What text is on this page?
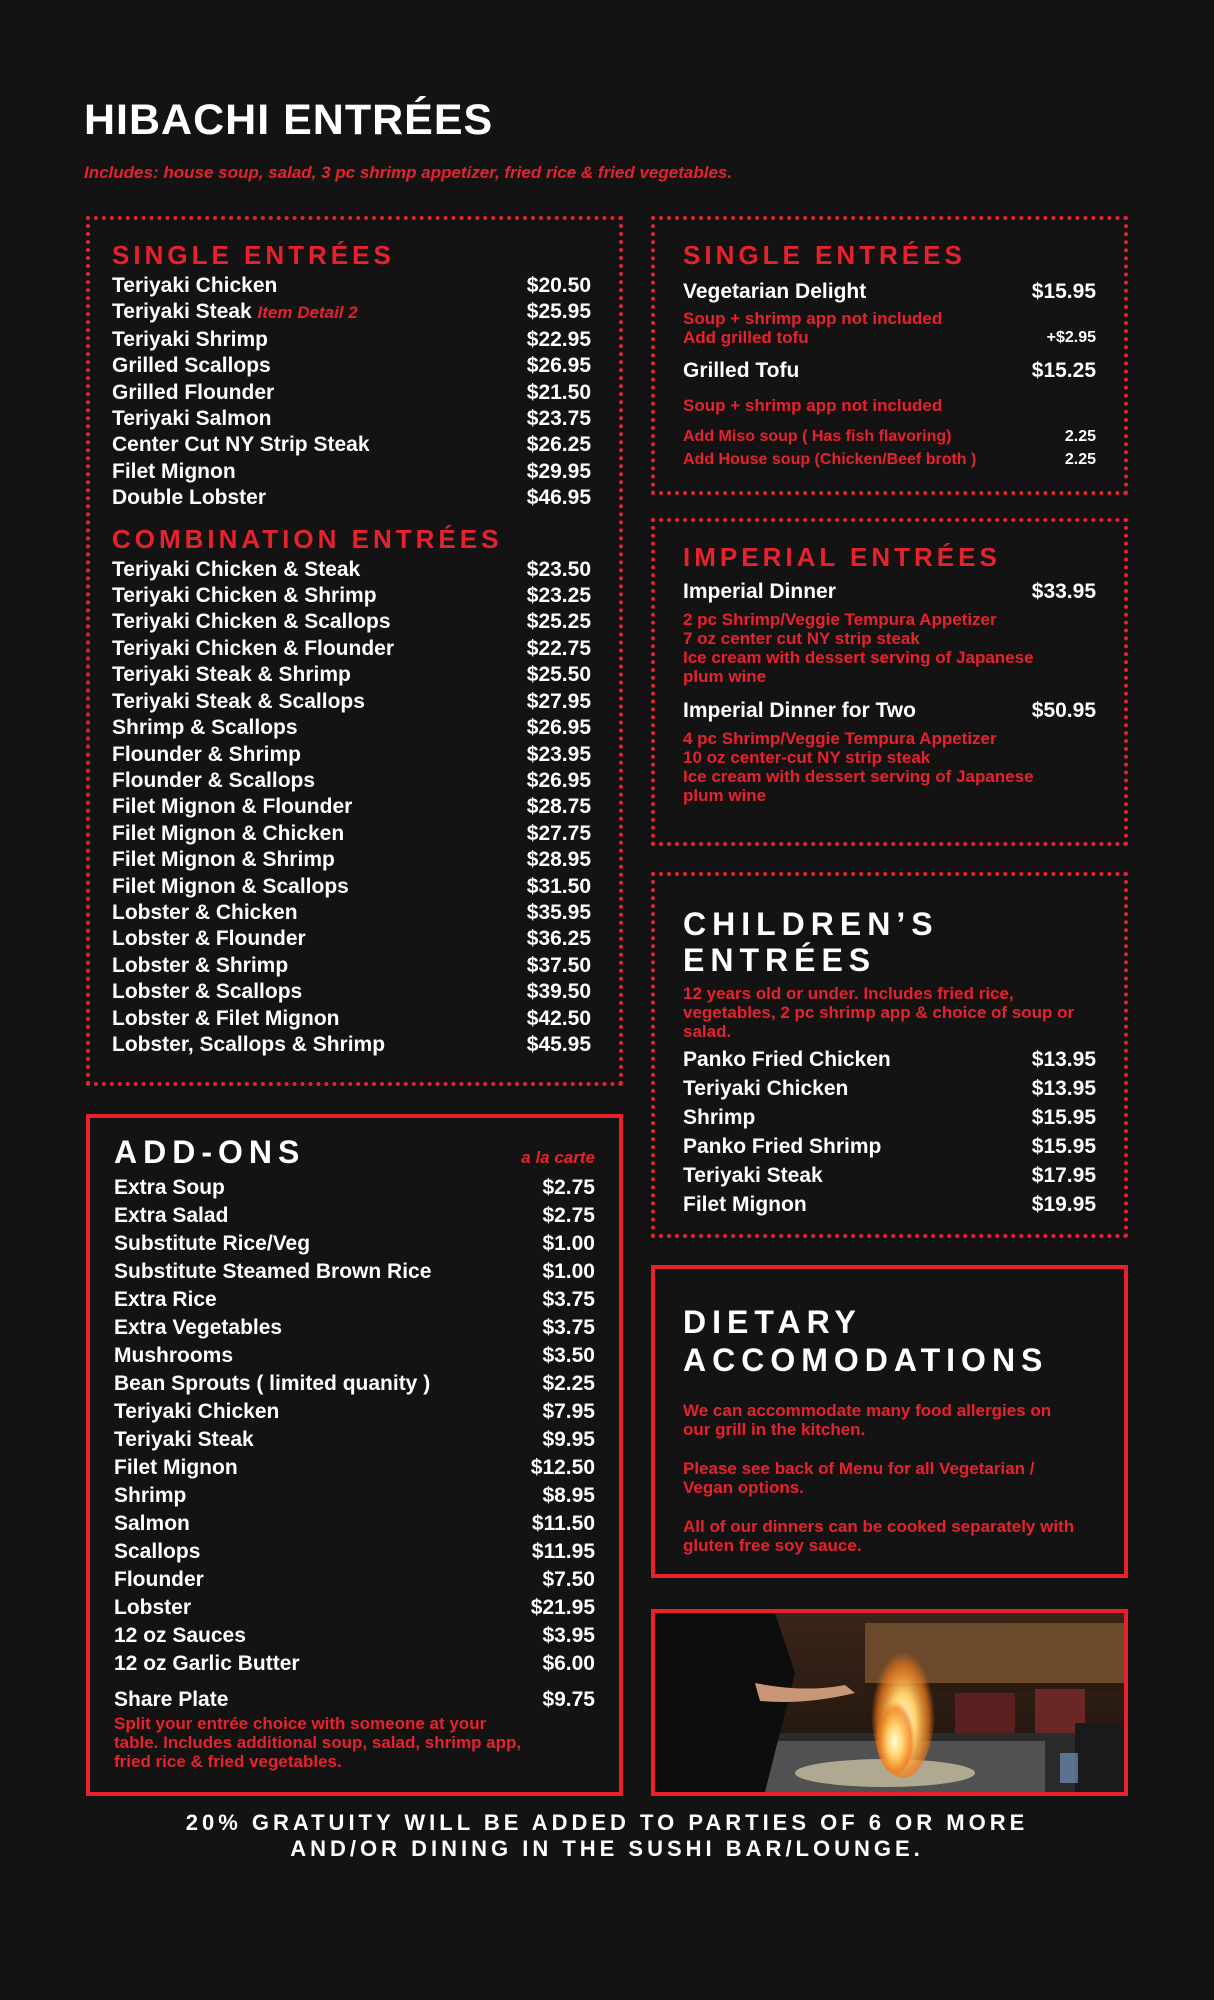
HIBACHI ENTRÉES
Includes: house soup, salad, 3 pc shrimp appetizer, fried rice & fried vegetables.
SINGLE ENTRÉES
Teriyaki Chicken	$20.50
Teriyaki Steak Item Detail 2	$25.95
Teriyaki Shrimp	$22.95
Grilled Scallops	$26.95
Grilled Flounder	$21.50
Teriyaki Salmon	$23.75
Center Cut NY Strip Steak	$26.25
Filet Mignon	$29.95
Double Lobster	$46.95
COMBINATION ENTRÉES
Teriyaki Chicken & Steak	$23.50
Teriyaki Chicken & Shrimp	$23.25
Teriyaki Chicken & Scallops	$25.25
Teriyaki Chicken & Flounder	$22.75
Teriyaki Steak & Shrimp	$25.50
Teriyaki Steak & Scallops	$27.95
Shrimp & Scallops	$26.95
Flounder & Shrimp	$23.95
Flounder & Scallops	$26.95
Filet Mignon & Flounder	$28.75
Filet Mignon & Chicken	$27.75
Filet Mignon & Shrimp	$28.95
Filet Mignon & Scallops	$31.50
Lobster & Chicken	$35.95
Lobster & Flounder	$36.25
Lobster & Shrimp	$37.50
Lobster & Scallops	$39.50
Lobster & Filet Mignon	$42.50
Lobster, Scallops & Shrimp	$45.95
ADD-ONS	a la carte
Extra Soup	$2.75
Extra Salad	$2.75
Substitute Rice/Veg	$1.00
Substitute Steamed Brown Rice	$1.00
Extra Rice	$3.75
Extra Vegetables	$3.75
Mushrooms	$3.50
Bean Sprouts ( limited quanity )	$2.25
Teriyaki Chicken	$7.95
Teriyaki Steak	$9.95
Filet Mignon	$12.50
Shrimp	$8.95
Salmon	$11.50
Scallops	$11.95
Flounder	$7.50
Lobster	$21.95
12 oz Sauces	$3.95
12 oz Garlic Butter	$6.00
Share Plate	$9.75
Split your entrée choice with someone at your table. Includes additional soup, salad, shrimp app, fried rice & fried vegetables.
SINGLE ENTRÉES
Vegetarian Delight	$15.95
Soup + shrimp app not included
Add grilled tofu	+$2.95
Grilled Tofu	$15.25
Soup + shrimp app not included
Add Miso soup ( Has fish flavoring)	2.25
Add House soup (Chicken/Beef broth )	2.25
IMPERIAL ENTRÉES
Imperial Dinner	$33.95
2 pc Shrimp/Veggie Tempura Appetizer
7 oz center cut NY strip steak
Ice cream with dessert serving of Japanese plum wine
Imperial Dinner for Two	$50.95
4 pc Shrimp/Veggie Tempura Appetizer
10 oz center-cut NY strip steak
Ice cream with dessert serving of Japanese plum wine
CHILDREN’S
ENTRÉES
12 years old or under. Includes fried rice, vegetables, 2 pc shrimp app & choice of soup or salad.
Panko Fried Chicken	$13.95
Teriyaki Chicken	$13.95
Shrimp	$15.95
Panko Fried Shrimp	$15.95
Teriyaki Steak	$17.95
Filet Mignon	$19.95
DIETARY
ACCOMODATIONS
We can accommodate many food allergies on our grill in the kitchen.
Please see back of Menu for all Vegetarian / Vegan options.
All of our dinners can be cooked separately with gluten free soy sauce.
20% GRATUITY WILL BE ADDED TO PARTIES OF 6 OR MORE
AND/OR DINING IN THE SUSHI BAR/LOUNGE.
